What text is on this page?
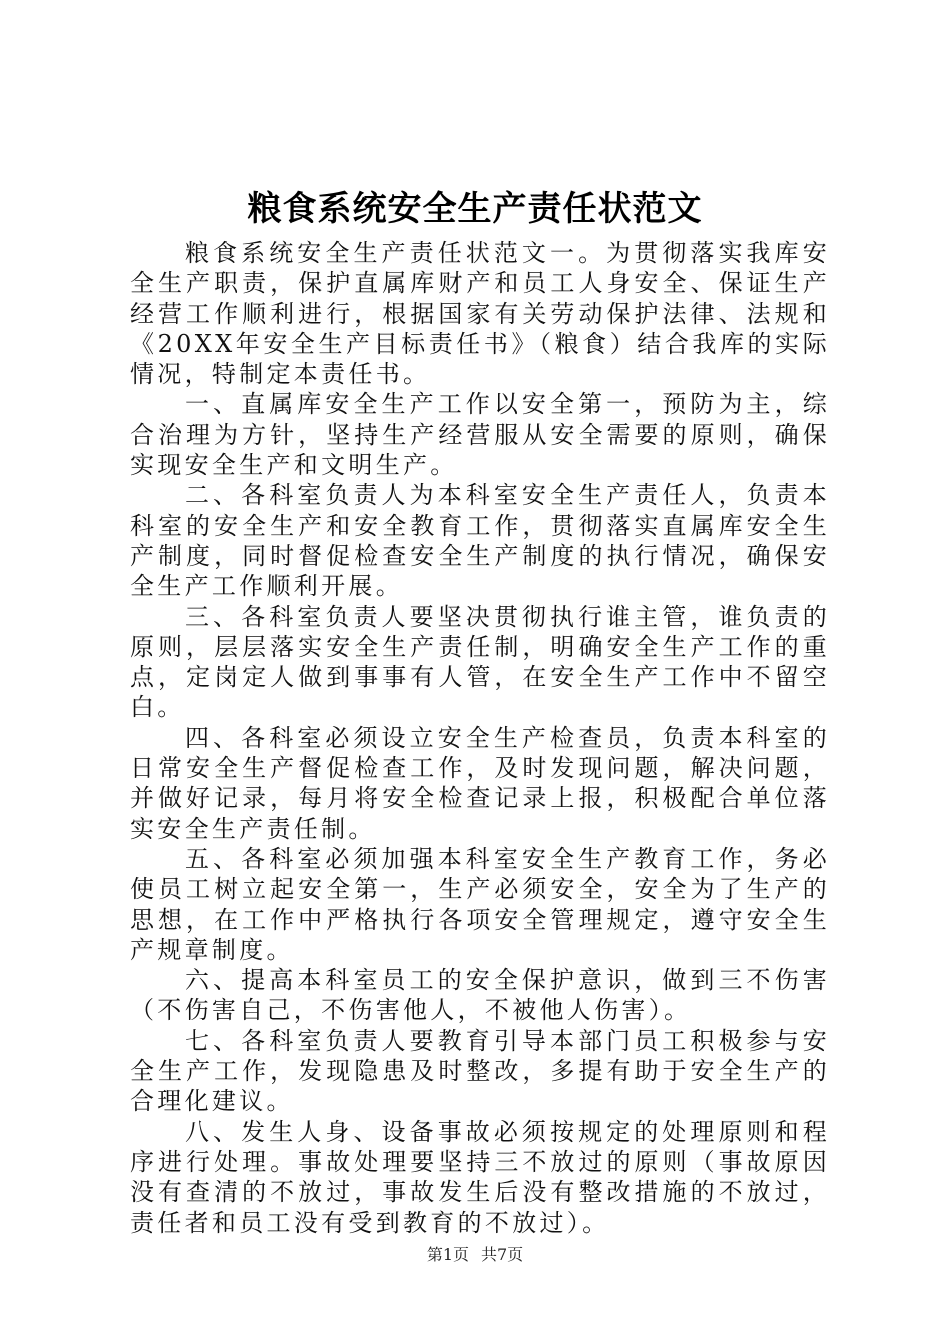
粮食系统安全生产责任状范文

粮食系统安全生产责任状范文一。为贯彻落实我库安全生产职责，保护直属库财产和员工人身安全、保证生产经营工作顺利进行，根据国家有关劳动保护法律、法规和《20XX年安全生产目标责任书》（粮食）结合我库的实际情况，特制定本责任书。

一、直属库安全生产工作以安全第一，预防为主，综合治理为方针，坚持生产经营服从安全需要的原则，确保实现安全生产和文明生产。

二、各科室负责人为本科室安全生产责任人，负责本科室的安全生产和安全教育工作，贯彻落实直属库安全生产制度，同时督促检查安全生产制度的执行情况，确保安全生产工作顺利开展。

三、各科室负责人要坚决贯彻执行谁主管，谁负责的原则，层层落实安全生产责任制，明确安全生产工作的重点，定岗定人做到事事有人管，在安全生产工作中不留空白。

四、各科室必须设立安全生产检查员，负责本科室的日常安全生产督促检查工作，及时发现问题，解决问题，并做好记录，每月将安全检查记录上报，积极配合单位落实安全生产责任制。

五、各科室必须加强本科室安全生产教育工作，务必使员工树立起安全第一，生产必须安全，安全为了生产的思想，在工作中严格执行各项安全管理规定，遵守安全生产规章制度。

六、提高本科室员工的安全保护意识，做到三不伤害（不伤害自己，不伤害他人，不被他人伤害）。

七、各科室负责人要教育引导本部门员工积极参与安全生产工作，发现隐患及时整改，多提有助于安全生产的合理化建议。

八、发生人身、设备事故必须按规定的处理原则和程序进行处理。事故处理要坚持三不放过的原则（事故原因没有查清的不放过，事故发生后没有整改措施的不放过，责任者和员工没有受到教育的不放过）。

第1页 共7页
